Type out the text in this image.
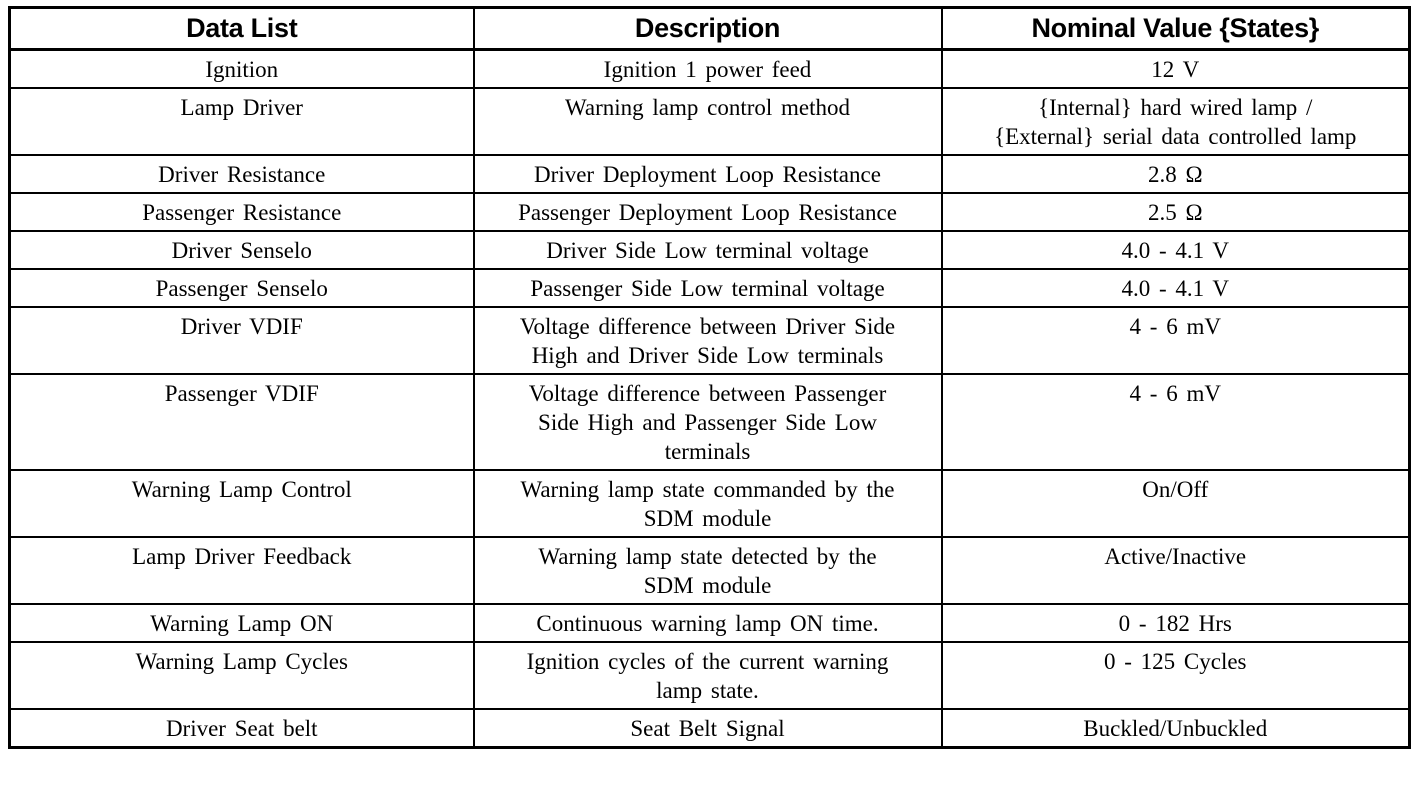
Data List	Description	Nominal Value {States}
Ignition	Ignition 1 power feed	12 V

Lamp Driver	Warning lamp control method	{Internal} hard wired lamp /
{External} serial data controlled lamp

Driver Resistance	Driver Deployment Loop Resistance	2.8 Ω

Passenger Resistance	Passenger Deployment Loop Resistance	2.5 Ω

Driver Senselo	Driver Side Low terminal voltage	4.0 - 4.1 V

Passenger Senselo	Passenger Side Low terminal voltage	4.0 - 4.1 V

Driver VDIF	Voltage difference between Driver Side
High and Driver Side Low terminals	4 - 6 mV

Passenger VDIF	Voltage difference between Passenger
Side High and Passenger Side Low
terminals	4 - 6 mV

Warning Lamp Control	Warning lamp state commanded by the
SDM module	On/Off

Lamp Driver Feedback	Warning lamp state detected by the
SDM module	Active/Inactive

Warning Lamp ON	Continuous warning lamp ON time.	0 - 182 Hrs

Warning Lamp Cycles	Ignition cycles of the current warning
lamp state.	0 - 125 Cycles

Driver Seat belt	Seat Belt Signal	Buckled/Unbuckled
